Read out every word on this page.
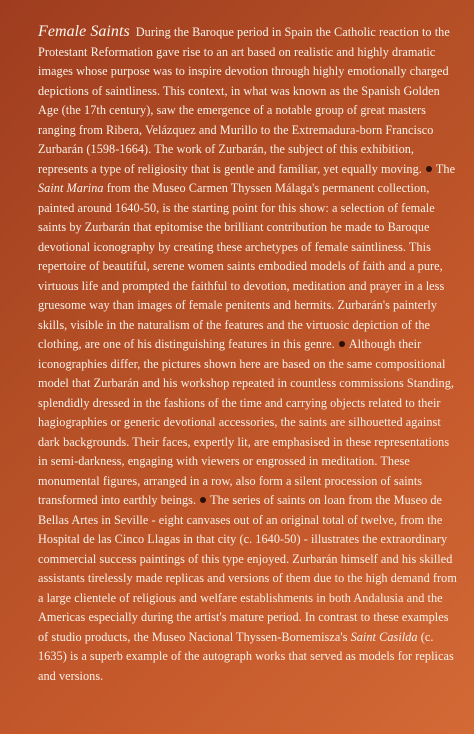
Female Saints During the Baroque period in Spain the Catholic reaction to the Protestant Reformation gave rise to an art based on realistic and highly dramatic images whose purpose was to inspire devotion through highly emotionally charged depictions of saintliness. This context, in what was known as the Spanish Golden Age (the 17th century), saw the emergence of a notable group of great masters ranging from Ribera, Velázquez and Murillo to the Extremadura-born Francisco Zurbarán (1598-1664). The work of Zurbarán, the subject of this exhibition, represents a type of religiosity that is gentle and familiar, yet equally moving. The Saint Marina from the Museo Carmen Thyssen Málaga's permanent collection, painted around 1640-50, is the starting point for this show: a selection of female saints by Zurbarán that epitomise the brilliant contribution he made to Baroque devotional iconography by creating these archetypes of female saintliness. This repertoire of beautiful, serene women saints embodied models of faith and a pure, virtuous life and prompted the faithful to devotion, meditation and prayer in a less gruesome way than images of female penitents and hermits. Zurbarán's painterly skills, visible in the naturalism of the features and the virtuosic depiction of the clothing, are one of his distinguishing features in this genre. Although their iconographies differ, the pictures shown here are based on the same compositional model that Zurbarán and his workshop repeated in countless commissions Standing, splendidly dressed in the fashions of the time and carrying objects related to their hagiographies or generic devotional accessories, the saints are silhouetted against dark backgrounds. Their faces, expertly lit, are emphasised in these representations in semi-darkness, engaging with viewers or engrossed in meditation. These monumental figures, arranged in a row, also form a silent procession of saints transformed into earthly beings. The series of saints on loan from the Museo de Bellas Artes in Seville - eight canvases out of an original total of twelve, from the Hospital de las Cinco Llagas in that city (c. 1640-50) - illustrates the extraordinary commercial success paintings of this type enjoyed. Zurbarán himself and his skilled assistants tirelessly made replicas and versions of them due to the high demand from a large clientele of religious and welfare establishments in both Andalusia and the Americas especially during the artist's mature period. In contrast to these examples of studio products, the Museo Nacional Thyssen-Bornemisza's Saint Casilda (c. 1635) is a superb example of the autograph works that served as models for replicas and versions.
